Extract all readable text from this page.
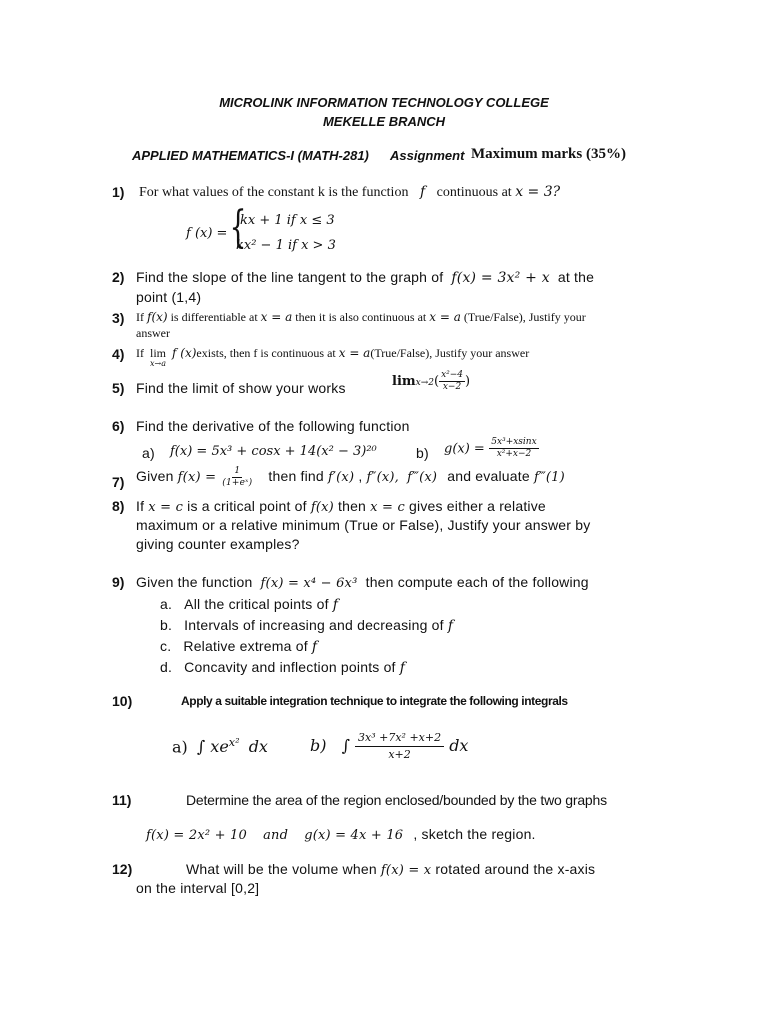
MICROLINK INFORMATION TECHNOLOGY COLLEGE
MEKELLE BRANCH
APPLIED MATHEMATICS-I (MATH-281) Assignment Maximum marks (35%)
1) For what values of the constant k is the function f continuous at x = 3?
f (x) = {
kx + 1 if x ≤ 3
kx² − 1 if x > 3
2) Find the slope of the line tangent to the graph of f(x) = 3x² + x at the
point (1,4)
3) If f(x) is differentiable at x = a then it is also continuous at x = a (True/False), Justify your
answer
4) If lim
x→a
f (x)exists, then f is continuous at x = a(True/False), Justify your answer
5) Find the limit of show your works	$\lim x\to 2( \frac{\text{x²−4}}{x-2}$ )
6) Find the derivative of the following function
a) f(x) = 5x³ + cosx + 14(x² − 3)²⁰	b) $g(x) = \frac{\text{5x³+xsinx}}{\text{x²+x−2}}$
7) Given $f(x) = \frac{1}{\text{(1+eˣ)}}$ then find f′(x) , f″(x), f‴(x) and evaluate f‴(1)
8) If x = c is a critical point of f(x) then x = c gives either a relative
maximum or a relative minimum (True or False), Justify your answer by
giving counter examples?
9) Given the function f(x) = x⁴ − 6x³ then compute each of the following
a. All the critical points of f
b. Intervals of increasing and decreasing of f
c. Relative extrema of f
d. Concavity and inflection points of f
10)	Apply a suitable integration technique to integrate the following integrals
a) ∫ $xe^{x^2}$ dx	b) ∫ $\frac{\text{3x³ +7x² +x+2}}{x+2}$ dx
11)	Determine the area of the region enclosed/bounded by the two graphs
f(x) = 2x² + 10 and g(x) = 4x + 16 , sketch the region.
12)	What will be the volume when f(x) = x rotated around the x-axis
on the interval [0,2]
